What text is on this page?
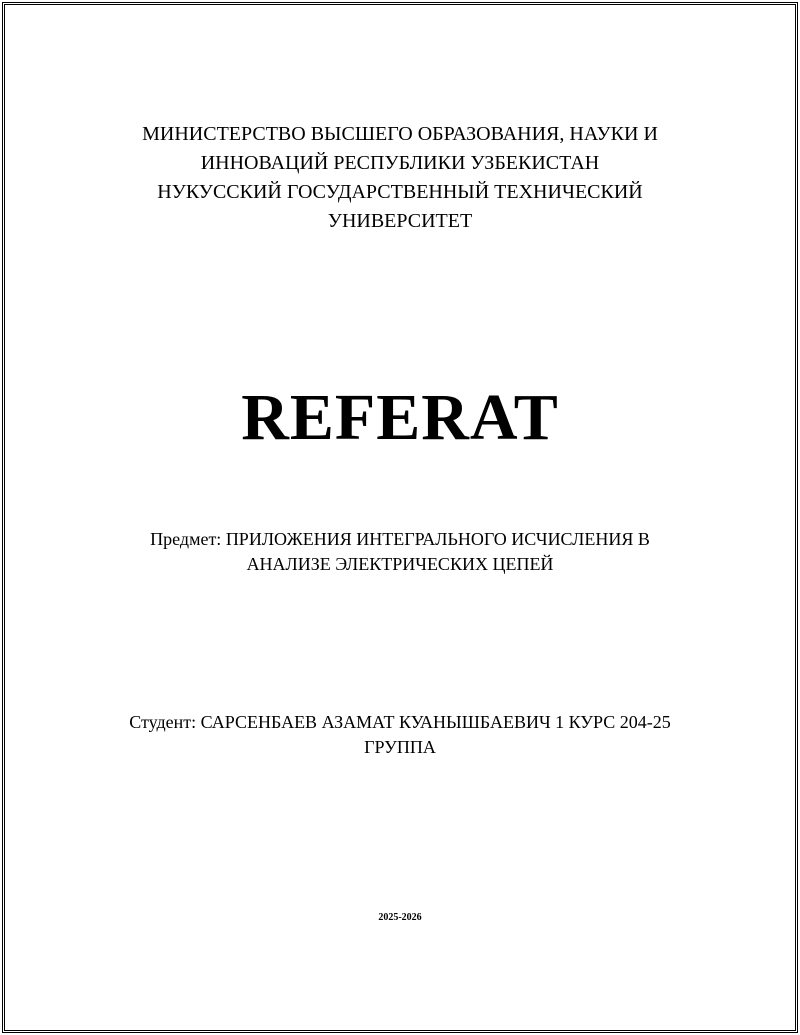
МИНИСТЕРСТВО ВЫСШЕГО ОБРАЗОВАНИЯ, НАУКИ И
ИННОВАЦИЙ РЕСПУБЛИКИ УЗБЕКИСТАН
НУКУССКИЙ ГОСУДАРСТВЕННЫЙ ТЕХНИЧЕСКИЙ
УНИВЕРСИТЕТ
REFERAT
Предмет: ПРИЛОЖЕНИЯ ИНТЕГРАЛЬНОГО ИСЧИСЛЕНИЯ В
АНАЛИЗЕ ЭЛЕКТРИЧЕСКИХ ЦЕПЕЙ
Студент: САРСЕНБАЕВ АЗАМАТ КУАНЫШБАЕВИЧ 1 КУРС 204-25
ГРУППА
2025-2026
